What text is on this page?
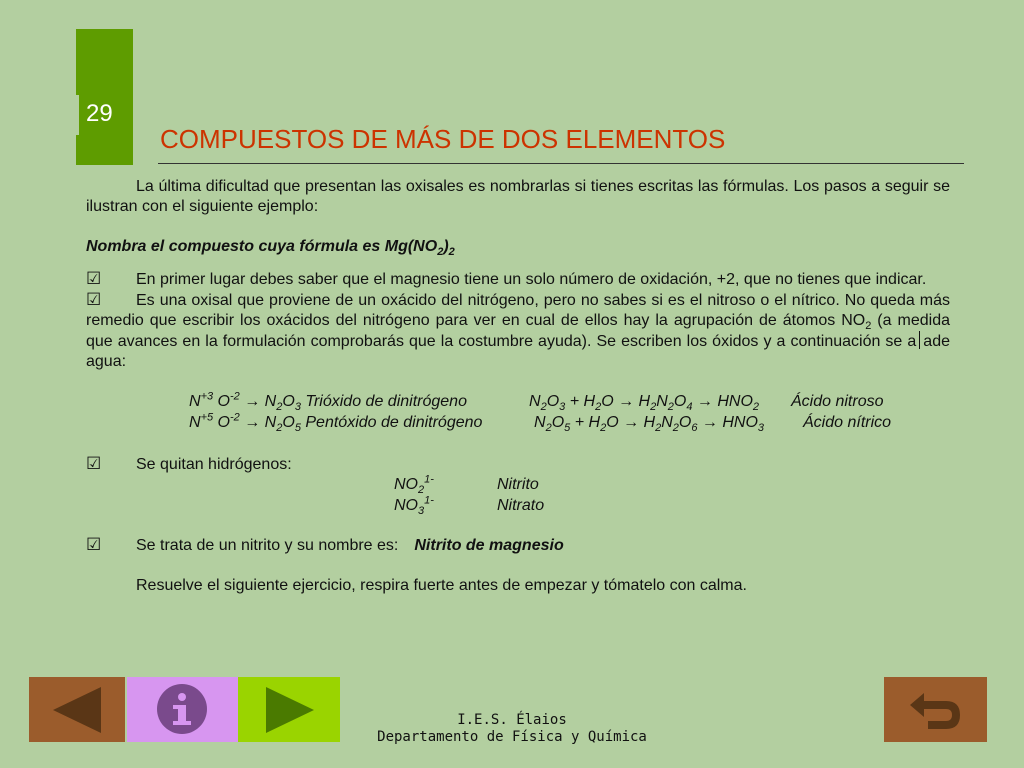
29
COMPUESTOS DE MÁS DE DOS ELEMENTOS

La última dificultad que presentan las oxisales es nombrarlas si tienes escritas las fórmulas. Los pasos a seguir se ilustran con el siguiente ejemplo:

Nombra el compuesto cuya fórmula es $Mg(NO_2)_2$

☑ En primer lugar debes saber que el magnesio tiene un solo número de oxidación, +2, que no tienes que indicar.

☑ Es una oxisal que proviene de un oxácido del nitrógeno, pero no sabes si es el nitroso o el nítrico. No queda más remedio que escribir los oxácidos del nitrógeno para ver en cual de ellos hay la agrupación de átomos $NO_2$ (a medida que avances en la formulación comprobarás que la costumbre ayuda). Se escriben los óxidos y a continuación se a ade agua:

$N^{+3}$ $O^{-2} \to N_2O_3$ Trióxido de dinitrógeno	$N_2O_3 + H_2O \to H_2N_2O_4 \to HNO_2$ Ácido nitroso
$N^{+5}$ $O^{-2} \to N_2O_5$ Pentóxido de dinitrógeno	$N_2O_5 + H_2O \to H_2N_2O_6 \to HNO_3$ Ácido nítrico

☑ Se quitan hidrógenos:

$NO_2^{1-}$	Nitrito
$NO_3^{1-}$	Nitrato

☑ Se trata de un nitrito y su nombre es: Nitrito de magnesio

Resuelve el siguiente ejercicio, respira fuerte antes de empezar y tómatelo con calma.

I.E.S. Élaios
Departamento de Física y Química
